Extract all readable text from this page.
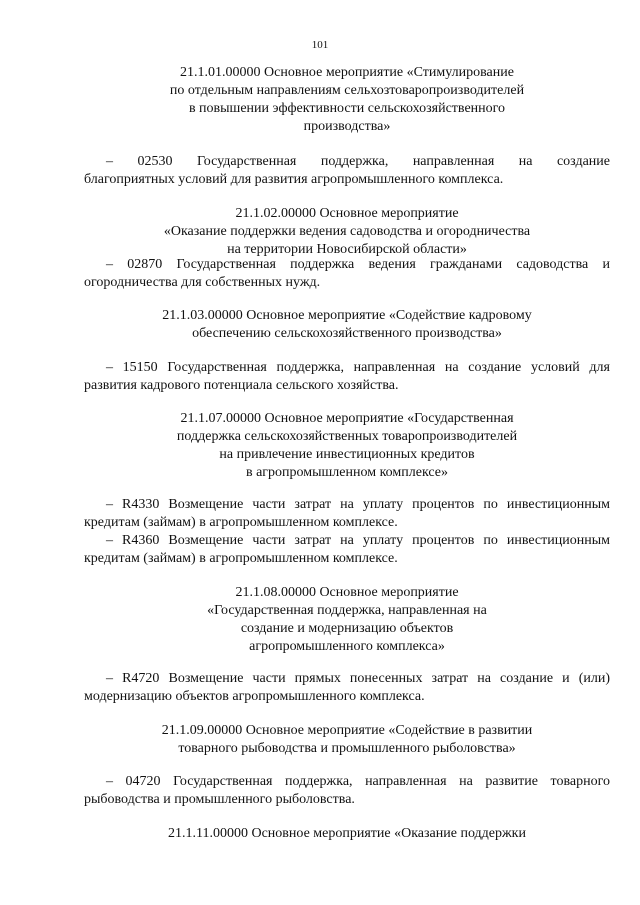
101
21.1.01.00000 Основное мероприятие «Стимулирование
по отдельным направлениям сельхозтоваропроизводителей
в повышении эффективности сельскохозяйственного
производства»
– 02530 Государственная поддержка, направленная на создание
благоприятных условий для развития агропромышленного комплекса.
21.1.02.00000 Основное мероприятие
«Оказание поддержки ведения садоводства и огородничества
на территории Новосибирской области»
– 02870 Государственная поддержка ведения гражданами садоводства и
огородничества для собственных нужд.
21.1.03.00000 Основное мероприятие «Содействие кадровому
обеспечению сельскохозяйственного производства»
– 15150 Государственная поддержка, направленная на создание условий для
развития кадрового потенциала сельского хозяйства.
21.1.07.00000 Основное мероприятие «Государственная
поддержка сельскохозяйственных товаропроизводителей
на привлечение инвестиционных кредитов
в агропромышленном комплексе»
– R4330 Возмещение части затрат на уплату процентов по инвестиционным
кредитам (займам) в агропромышленном комплексе.
– R4360 Возмещение части затрат на уплату процентов по инвестиционным
кредитам (займам) в агропромышленном комплексе.
21.1.08.00000 Основное мероприятие
«Государственная поддержка, направленная на
создание и модернизацию объектов
агропромышленного комплекса»
– R4720 Возмещение части прямых понесенных затрат на создание и (или)
модернизацию объектов агропромышленного комплекса.
21.1.09.00000 Основное мероприятие «Содействие в развитии
товарного рыбоводства и промышленного рыболовства»
– 04720 Государственная поддержка, направленная на развитие товарного
рыбоводства и промышленного рыболовства.
21.1.11.00000 Основное мероприятие «Оказание поддержки
